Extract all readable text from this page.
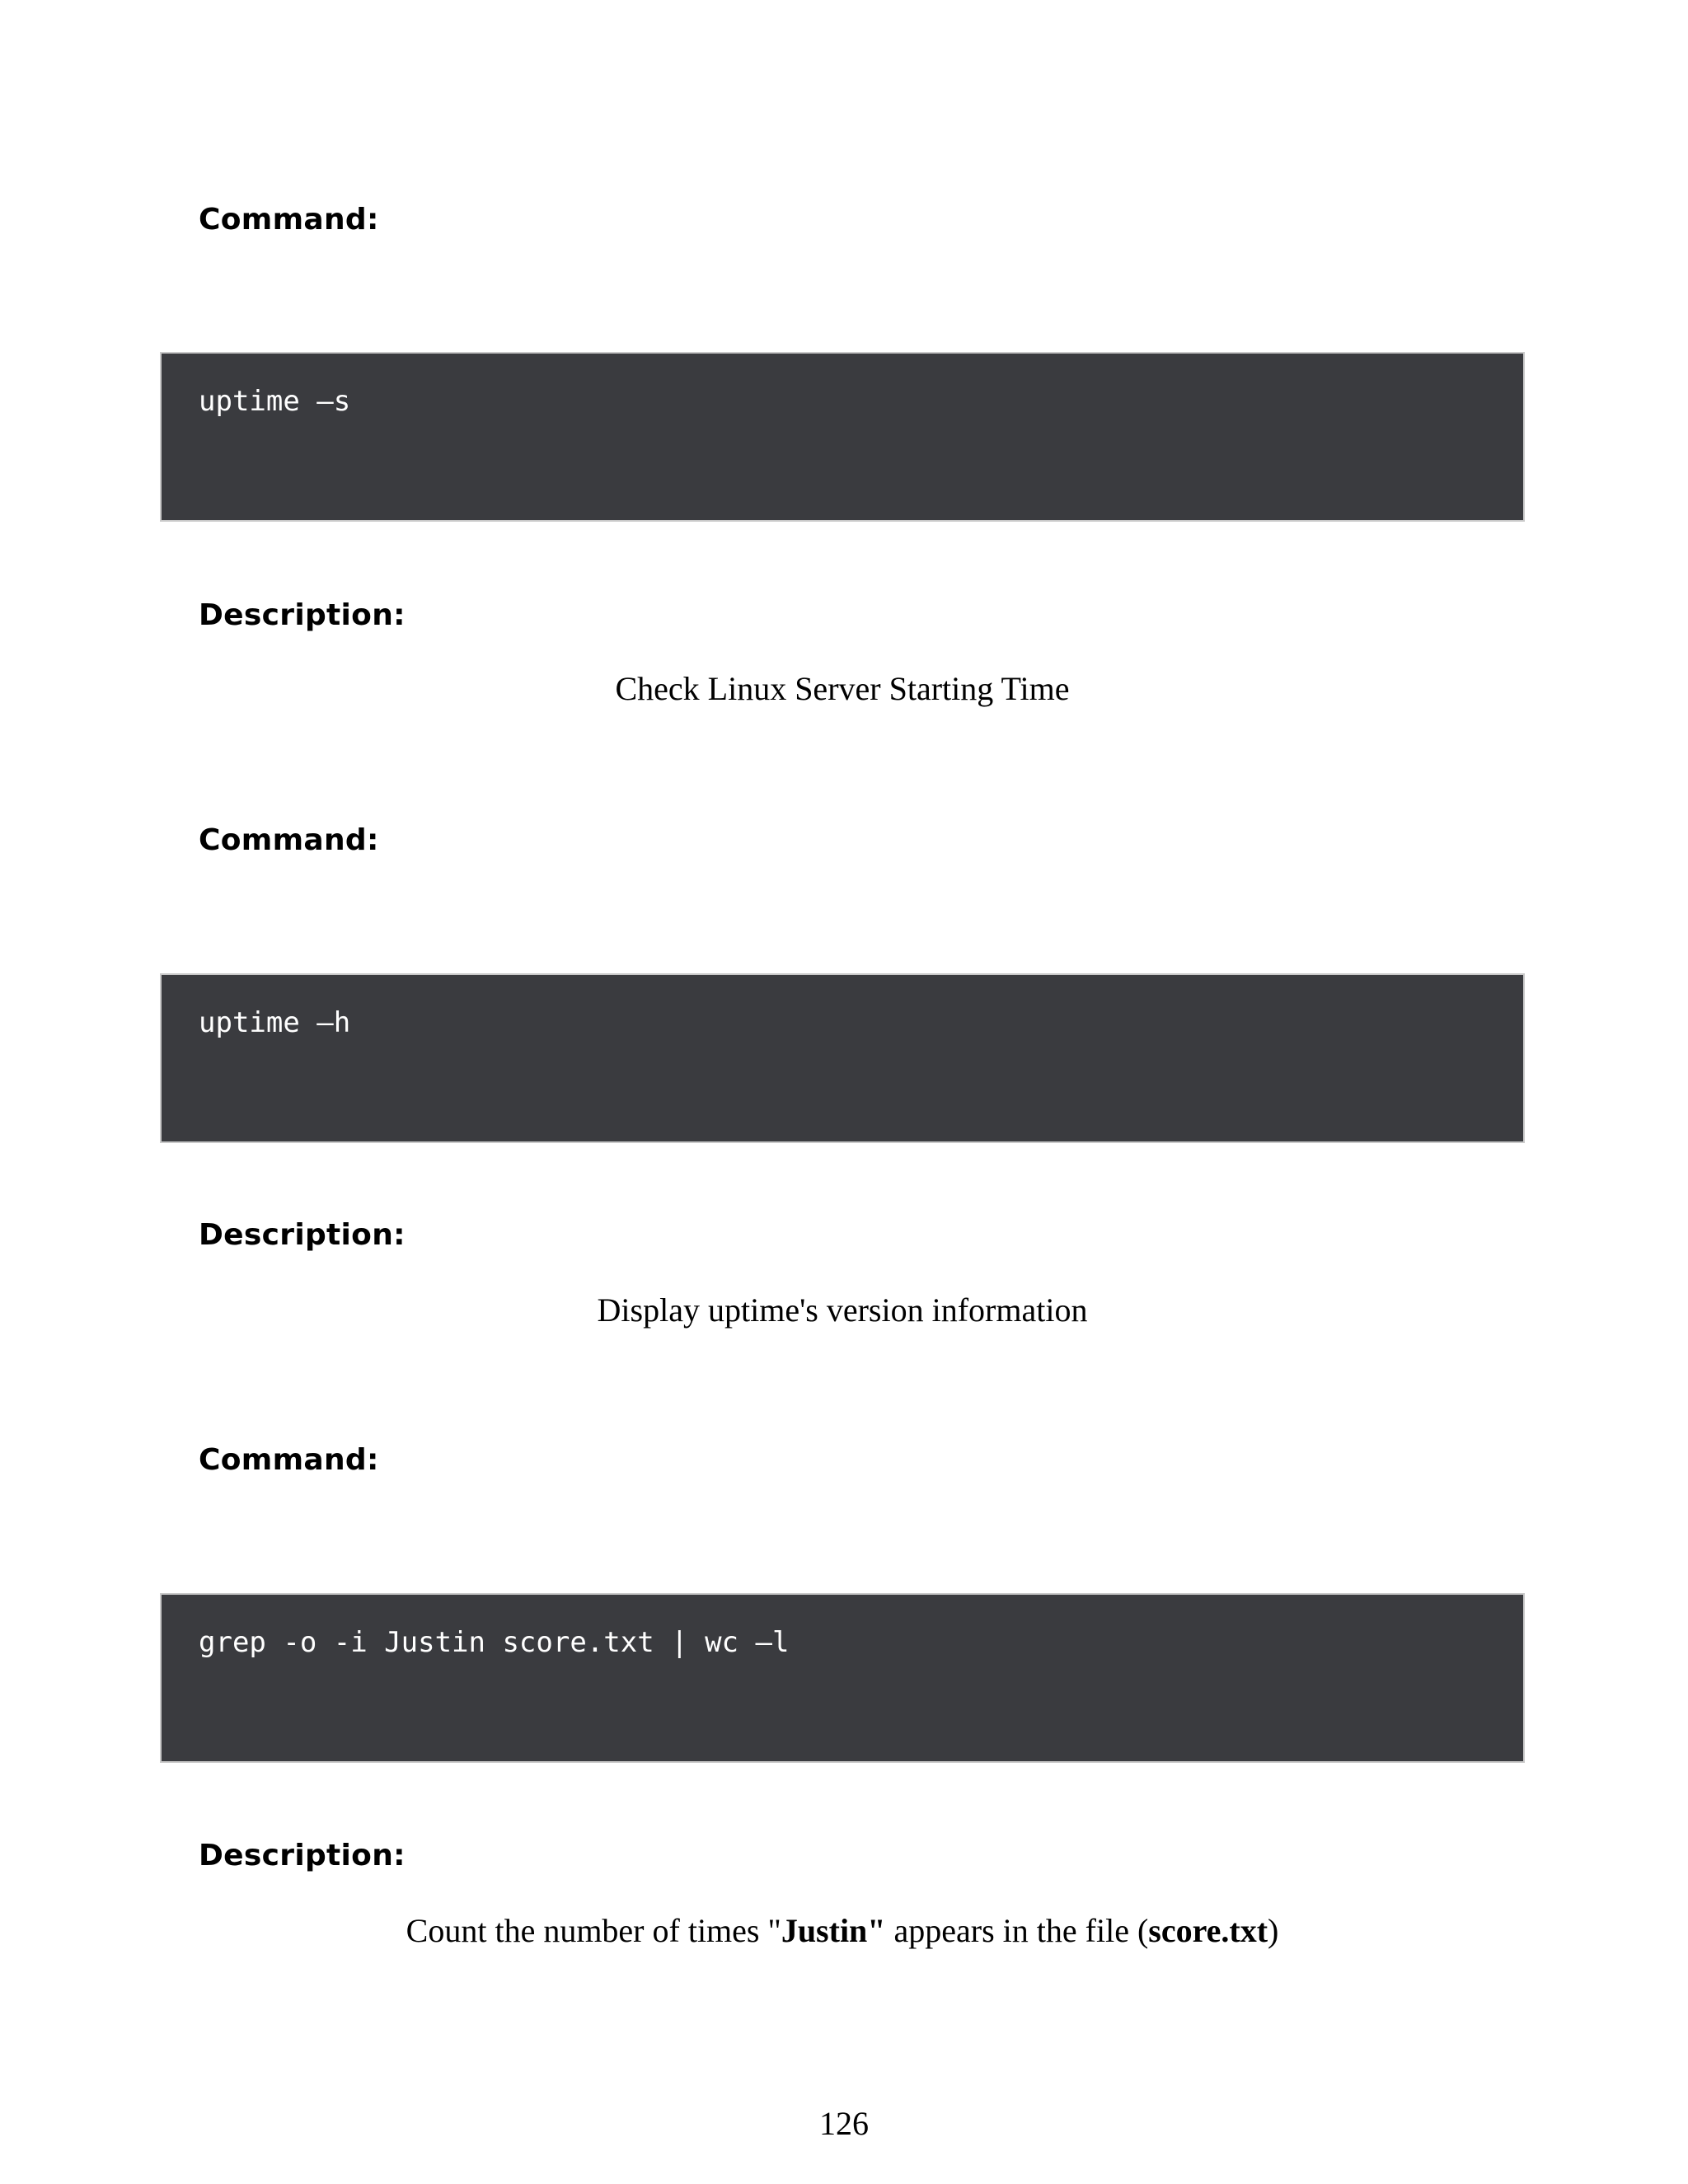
Command:
uptime –s
Description:
Check Linux Server Starting Time
Command:
uptime –h
Description:
Display uptime's version information
Command:
grep -o -i Justin score.txt | wc –l
Description:
Count the number of times "Justin" appears in the file (score.txt)
126
